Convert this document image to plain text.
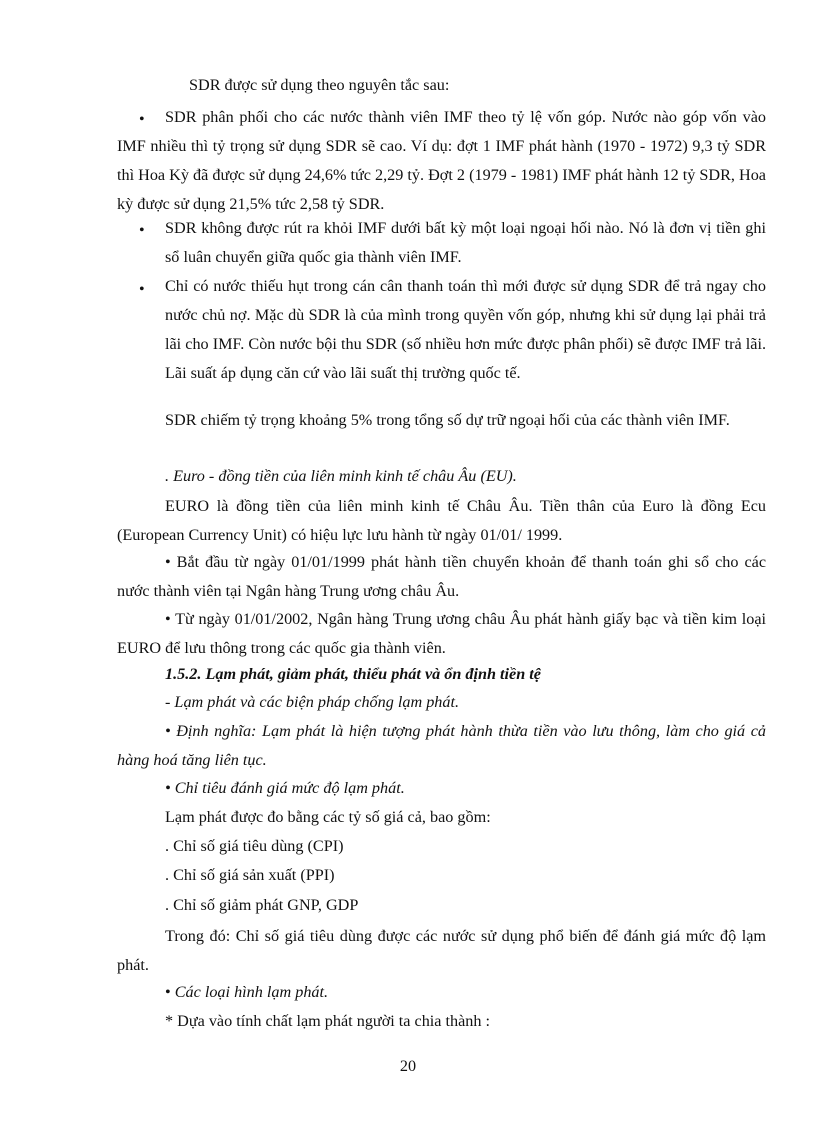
SDR được sử dụng theo nguyên tắc sau:

•	SDR phân phối cho các nước thành viên IMF theo tỷ lệ vốn góp. Nước nào góp vốn vào IMF nhiều thì tỷ trọng sử dụng SDR sẽ cao. Ví dụ: đợt 1 IMF phát hành (1970 - 1972) 9,3 tỷ SDR thì Hoa Kỳ đã được sử dụng 24,6% tức 2,29 tỷ. Đợt 2 (1979 - 1981) IMF phát hành 12 tỷ SDR, Hoa kỳ được sử dụng 21,5% tức 2,58 tỷ SDR.

•	SDR không được rút ra khỏi IMF dưới bất kỳ một loại ngoại hối nào. Nó là đơn vị tiền ghi sổ luân chuyển giữa quốc gia thành viên IMF.

•	Chỉ có nước thiếu hụt trong cán cân thanh toán thì mới được sử dụng SDR để trả ngay cho nước chủ nợ. Mặc dù SDR là của mình trong quyền vốn góp, nhưng khi sử dụng lại phải trả lãi cho IMF. Còn nước bội thu SDR (số nhiều hơn mức được phân phối) sẽ được IMF trả lãi. Lãi suất áp dụng căn cứ vào lãi suất thị trường quốc tế.

SDR chiếm tỷ trọng khoảng 5% trong tổng số dự trữ ngoại hối của các thành viên IMF.

. Euro - đồng tiền của liên minh kinh tế châu Âu (EU).

EURO là đồng tiền của liên minh kinh tế Châu Âu. Tiền thân của Euro là đồng Ecu (European Currency Unit) có hiệu lực lưu hành từ ngày 01/01/ 1999.

• Bắt đầu từ ngày 01/01/1999 phát hành tiền chuyển khoản để thanh toán ghi sổ cho các nước thành viên tại Ngân hàng Trung ương châu Âu.

• Từ ngày 01/01/2002, Ngân hàng Trung ương châu Âu phát hành giấy bạc và tiền kim loại EURO để lưu thông trong các quốc gia thành viên.

1.5.2. Lạm phát, giảm phát, thiểu phát và ổn định tiền tệ

- Lạm phát và các biện pháp chống lạm phát.

• Định nghĩa: Lạm phát là hiện tượng phát hành thừa tiền vào lưu thông, làm cho giá cả hàng hoá tăng liên tục.

• Chỉ tiêu đánh giá mức độ lạm phát.

Lạm phát được đo bằng các tỷ số giá cả, bao gồm:

. Chỉ số giá tiêu dùng (CPI)

. Chỉ số giá sản xuất (PPI)

. Chỉ số giảm phát GNP, GDP

Trong đó: Chỉ số giá tiêu dùng được các nước sử dụng phổ biến để đánh giá mức độ lạm phát.

• Các loại hình lạm phát.

* Dựa vào tính chất lạm phát người ta chia thành :

20
